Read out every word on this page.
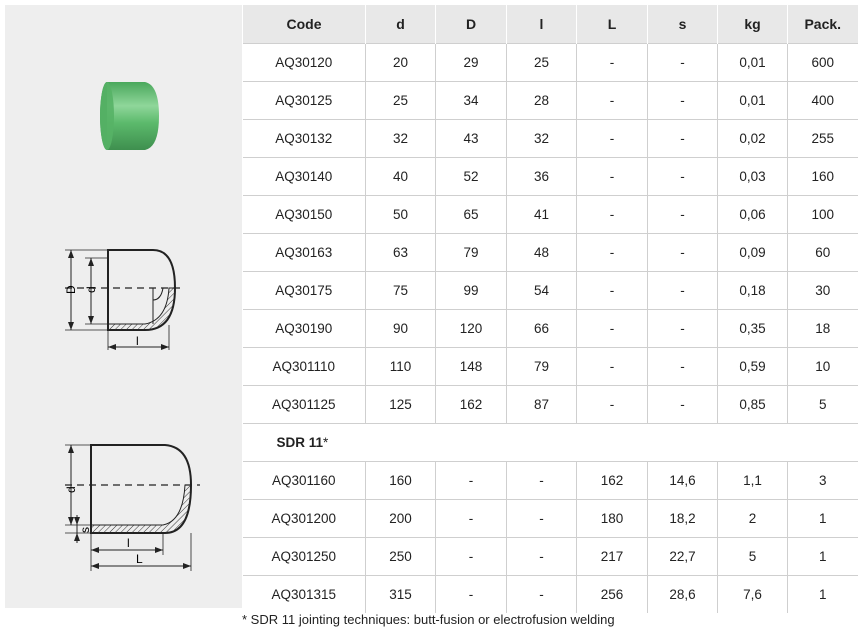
D d
l
d
s
l
L
Code	d	D	l	L	s	kg	Pack.
AQ30120	20	29	25	-	-	0,01	600
AQ30125	25	34	28	-	-	0,01	400
AQ30132	32	43	32	-	-	0,02	255
AQ30140	40	52	36	-	-	0,03	160
AQ30150	50	65	41	-	-	0,06	100
AQ30163	63	79	48	-	-	0,09	60
AQ30175	75	99	54	-	-	0,18	30
AQ30190	90	120	66	-	-	0,35	18
AQ301110	110	148	79	-	-	0,59	10
AQ301125	125	162	87	-	-	0,85	5
SDR 11*							
AQ301160	160	-	-	162	14,6	1,1	3
AQ301200	200	-	-	180	18,2	2	1
AQ301250	250	-	-	217	22,7	5	1
AQ301315	315	-	-	256	28,6	7,6	1
* SDR 11 jointing techniques: butt-fusion or electrofusion welding
